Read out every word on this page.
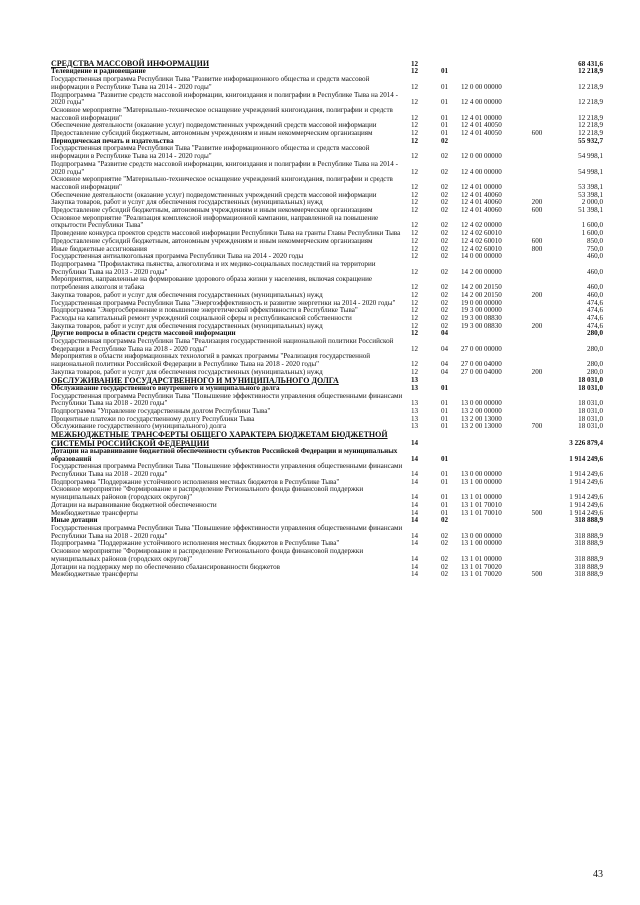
СРЕДСТВА МАССОВОЙ ИНФОРМАЦИИ	12				68 431,6
Телевидение и радиовещание	12	01			12 218,9
Государственная программа Республики Тыва "Развитие информационного общества и средств массовой информации в Республике Тыва на 2014 - 2020 годы"	12	01	12 0 00 00000		12 218,9
Подпрограмма "Развитие средств массовой информации, книгоиздания и полиграфии в Республике Тыва на 2014 - 2020 годы"	12	01	12 4 00 00000		12 218,9
Основное мероприятие "Материально-техническое оснащение учреждений книгоиздания, полиграфии и средств массовой информации"	12	01	12 4 01 00000		12 218,9
Обеспечение деятельности (оказание услуг) подведомственных учреждений средств массовой информации	12	01	12 4 01 40050		12 218,9
Предоставление субсидий бюджетным, автономным учреждениям и иным некоммерческим организациям	12	01	12 4 01 40050	600	12 218,9
Периодическая печать и издательства	12	02			55 932,7
Государственная программа Республики Тыва "Развитие информационного общества и средств массовой информации в Республике Тыва на 2014 - 2020 годы"	12	02	12 0 00 00000		54 998,1
Подпрограмма "Развитие средств массовой информации, книгоиздания и полиграфии в Республике Тыва на 2014 - 2020 годы"	12	02	12 4 00 00000		54 998,1
Основное мероприятие "Материально-техническое оснащение учреждений книгоиздания, полиграфии и средств массовой информации"	12	02	12 4 01 00000		53 398,1
Обеспечение деятельности (оказание услуг) подведомственных учреждений средств массовой информации	12	02	12 4 01 40060		53 398,1
Закупка товаров, работ и услуг для обеспечения государственных (муниципальных) нужд	12	02	12 4 01 40060	200	2 000,0
Предоставление субсидий бюджетным, автономным учреждениям и иным некоммерческим организациям	12	02	12 4 01 40060	600	51 398,1
Основное мероприятие "Реализация комплексной информационной кампании, направленной на повышение открытости Республики Тыва"	12	02	12 4 02 00000		1 600,0
Проведение конкурса проектов средств массовой информации Республики Тыва на гранты Главы Республики Тыва	12	02	12 4 02 60010		1 600,0
Предоставление субсидий бюджетным, автономным учреждениям и иным некоммерческим организациям	12	02	12 4 02 60010	600	850,0
Иные бюджетные ассигнования	12	02	12 4 02 60010	800	750,0
Государственная антиалкогольная программа Республики Тыва на 2014 - 2020 годы	12	02	14 0 00 00000		460,0
Подпрограмма "Профилактика пьянства, алкоголизма и их медико-социальных последствий на территории Республики Тыва на 2013 - 2020 годы"	12	02	14 2 00 00000		460,0
Мероприятия, направленные на формирование здорового образа жизни у населения, включая сокращение потребления алкоголя и табака	12	02	14 2 00 20150		460,0
Закупка товаров, работ и услуг для обеспечения государственных (муниципальных) нужд	12	02	14 2 00 20150	200	460,0
Государственная программа Республики Тыва "Энергоэффективность и развитие энергетики на 2014 - 2020 годы"	12	02	19 0 00 00000		474,6
Подпрограмма "Энергосбережение и повышение энергетической эффективности в Республике Тыва"	12	02	19 3 00 00000		474,6
Расходы на капитальный ремонт учреждений социальной сферы и республиканской собственности	12	02	19 3 00 08830		474,6
Закупка товаров, работ и услуг для обеспечения государственных (муниципальных) нужд	12	02	19 3 00 08830	200	474,6
Другие вопросы в области средств массовой информации	12	04			280,0
Государственная программа Республики Тыва "Реализация государственной национальной политики Российской Федерации в Республике Тыва на 2018 - 2020 годы"	12	04	27 0 00 00000		280,0
Мероприятия в области информационных технологий в рамках программы "Реализация государственной национальной политики Российской Федерации в Республике Тыва на 2018 - 2020 годы"	12	04	27 0 00 04000		280,0
Закупка товаров, работ и услуг для обеспечения государственных (муниципальных) нужд	12	04	27 0 00 04000	200	280,0
ОБСЛУЖИВАНИЕ ГОСУДАРСТВЕННОГО И МУНИЦИПАЛЬНОГО ДОЛГА	13				18 031,0
Обслуживание государственного внутреннего и муниципального долга	13	01			18 031,0
Государственная программа Республики Тыва "Повышение эффективности управления общественными финансами Республики Тыва на 2018 - 2020 годы"	13	01	13 0 00 00000		18 031,0
Подпрограмма "Управление государственным долгом Республики Тыва"	13	01	13 2 00 00000		18 031,0
Процентные платежи по государственному долгу Республики Тыва	13	01	13 2 00 13000		18 031,0
Обслуживание государственного (муниципального) долга	13	01	13 2 00 13000	700	18 031,0
МЕЖБЮДЖЕТНЫЕ ТРАНСФЕРТЫ ОБЩЕГО ХАРАКТЕРА БЮДЖЕТАМ БЮДЖЕТНОЙ СИСТЕМЫ РОССИЙСКОЙ ФЕДЕРАЦИИ	14				3 226 879,4
Дотации на выравнивание бюджетной обеспеченности субъектов Российской Федерации и муниципальных образований	14	01			1 914 249,6
Государственная программа Республики Тыва "Повышение эффективности управления общественными финансами Республики Тыва на 2018 - 2020 годы"	14	01	13 0 00 00000		1 914 249,6
Подпрограмма "Поддержание устойчивого исполнения местных бюджетов в Республике Тыва"	14	01	13 1 00 00000		1 914 249,6
Основное мероприятие "Формирование и распределение Регионального фонда финансовой поддержки муниципальных районов (городских округов)"	14	01	13 1 01 00000		1 914 249,6
Дотации на выравнивание бюджетной обеспеченности	14	01	13 1 01 70010		1 914 249,6
Межбюджетные трансферты	14	01	13 1 01 70010	500	1 914 249,6
Иные дотации	14	02			318 888,9
Государственная программа Республики Тыва "Повышение эффективности управления общественными финансами Республики Тыва на 2018 - 2020 годы"	14	02	13 0 00 00000		318 888,9
Подпрограмма "Поддержание устойчивого исполнения местных бюджетов в Республике Тыва"	14	02	13 1 00 00000		318 888,9
Основное мероприятие "Формирование и распределение Регионального фонда финансовой поддержки муниципальных районов (городских округов)"	14	02	13 1 01 00000		318 888,9
Дотации на поддержку мер по обеспечению сбалансированности бюджетов	14	02	13 1 01 70020		318 888,9
Межбюджетные трансферты	14	02	13 1 01 70020	500	318 888,9
43
